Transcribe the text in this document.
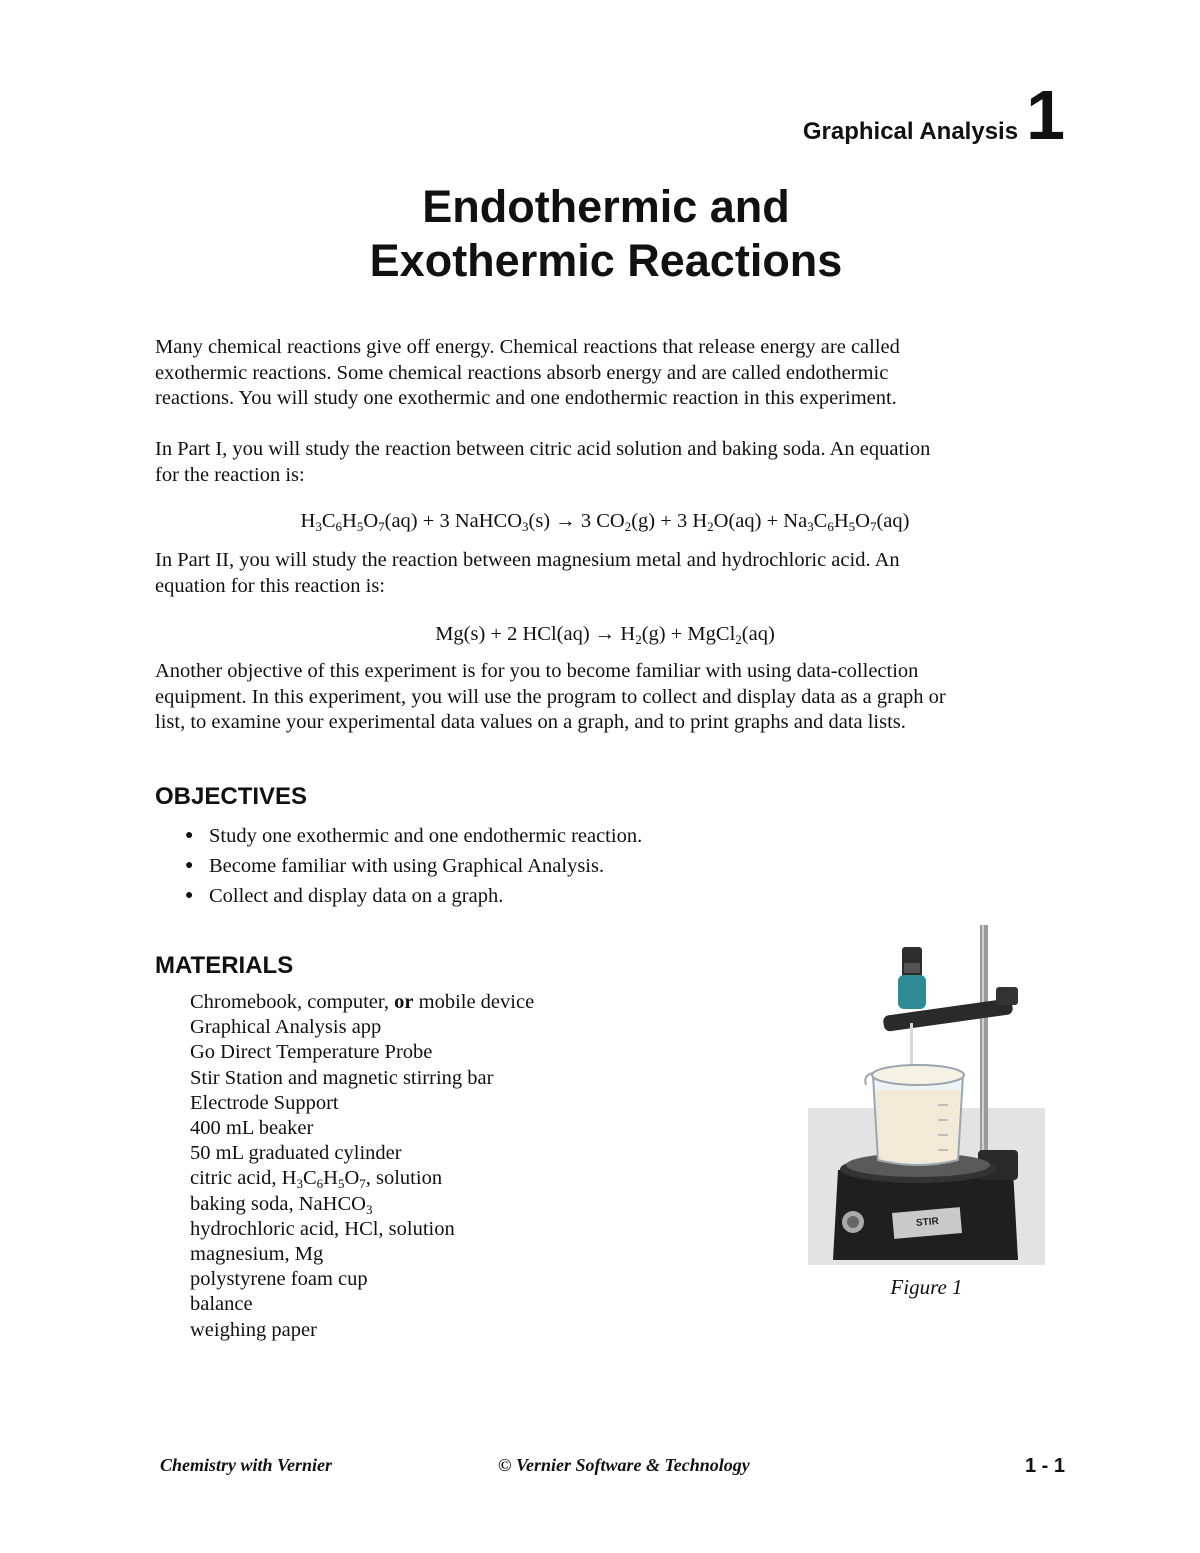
Graphical Analysis 1
Endothermic and
Exothermic Reactions

Many chemical reactions give off energy. Chemical reactions that release energy are called
exothermic reactions. Some chemical reactions absorb energy and are called endothermic
reactions. You will study one exothermic and one endothermic reaction in this experiment.

In Part I, you will study the reaction between citric acid solution and baking soda. An equation
for the reaction is:

$H_3C_6H_5O_7(aq) + 3$ NaHCO$_3$(s) → 3 $CO_2(g) + 3$ $H_2O(aq) + Na_3C_6H_5O_7(aq)$

In Part II, you will study the reaction between magnesium metal and hydrochloric acid. An
equation for this reaction is:

Mg(s) + 2 $HCl(aq) \to H_2(g)$ + MgCl$_2$(aq)

Another objective of this experiment is for you to become familiar with using data-collection
equipment. In this experiment, you will use the program to collect and display data as a graph or
list, to examine your experimental data values on a graph, and to print graphs and data lists.

OBJECTIVES
● Study one exothermic and one endothermic reaction.
● Become familiar with using Graphical Analysis.
● Collect and display data on a graph.
MATERIALS
Chromebook, computer, or mobile device
Graphical Analysis app
Go Direct Temperature Probe
Stir Station and magnetic stirring bar
Electrode Support
400 mL beaker
50 mL graduated cylinder
citric acid, $H_3C_6H_5O_7$, solution
baking soda, NaHCO$_3$
hydrochloric acid, HCl, solution
magnesium, Mg
polystyrene foam cup
balance
weighing paper
STIR
Figure 1
Chemistry with Vernier	© Vernier Software & Technology	1 - 1
